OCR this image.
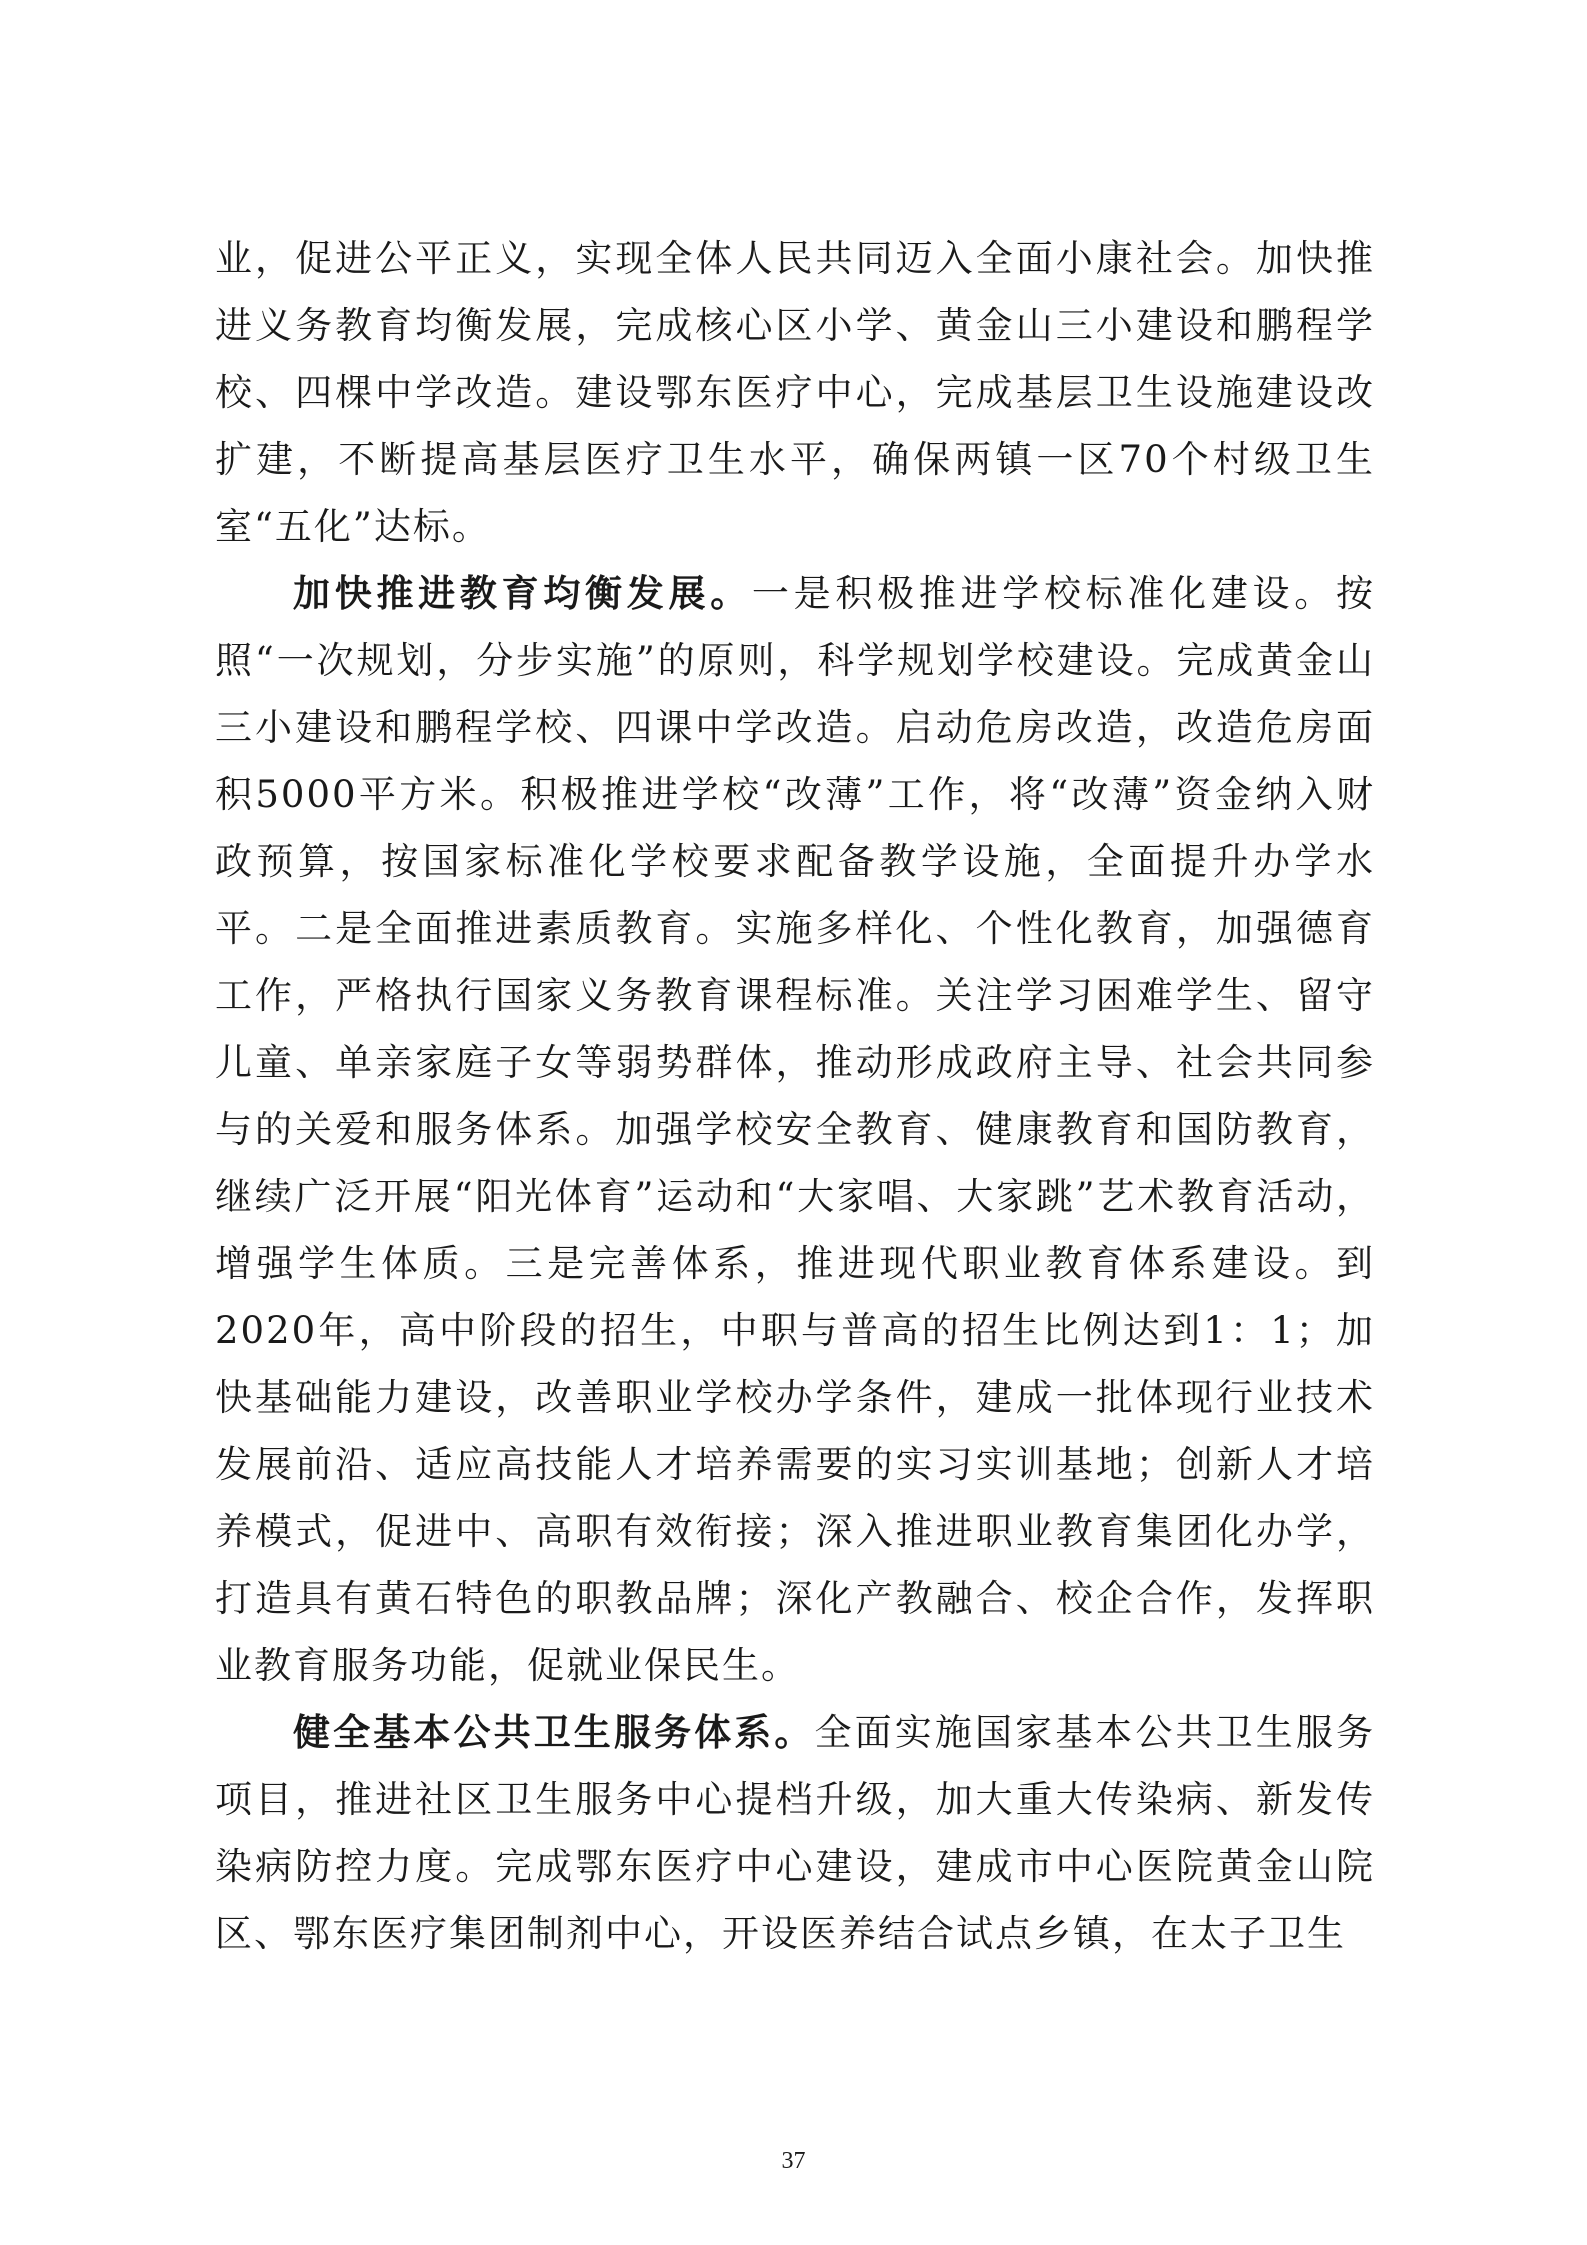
业，促进公平正义，实现全体人民共同迈入全面小康社会。加快推进义务教育均衡发展，完成核心区小学、黄金山三小建设和鹏程学校、四棵中学改造。建设鄂东医疗中心，完成基层卫生设施建设改扩建，不断提高基层医疗卫生水平，确保两镇一区70个村级卫生室“五化”达标。

加快推进教育均衡发展。一是积极推进学校标准化建设。按照“一次规划，分步实施”的原则，科学规划学校建设。完成黄金山三小建设和鹏程学校、四课中学改造。启动危房改造，改造危房面积5000平方米。积极推进学校“改薄”工作，将“改薄”资金纳入财政预算，按国家标准化学校要求配备教学设施，全面提升办学水平。二是全面推进素质教育。实施多样化、个性化教育，加强德育工作，严格执行国家义务教育课程标准。关注学习困难学生、留守儿童、单亲家庭子女等弱势群体，推动形成政府主导、社会共同参与的关爱和服务体系。加强学校安全教育、健康教育和国防教育，继续广泛开展“阳光体育”运动和“大家唱、大家跳”艺术教育活动，增强学生体质。三是完善体系，推进现代职业教育体系建设。到2020年，高中阶段的招生，中职与普高的招生比例达到1：1；加快基础能力建设，改善职业学校办学条件，建成一批体现行业技术发展前沿、适应高技能人才培养需要的实习实训基地；创新人才培养模式，促进中、高职有效衔接；深入推进职业教育集团化办学，打造具有黄石特色的职教品牌；深化产教融合、校企合作，发挥职业教育服务功能，促就业保民生。

健全基本公共卫生服务体系。全面实施国家基本公共卫生服务项目，推进社区卫生服务中心提档升级，加大重大传染病、新发传染病防控力度。完成鄂东医疗中心建设，建成市中心医院黄金山院区、鄂东医疗集团制剂中心，开设医养结合试点乡镇，在太子卫生

37
